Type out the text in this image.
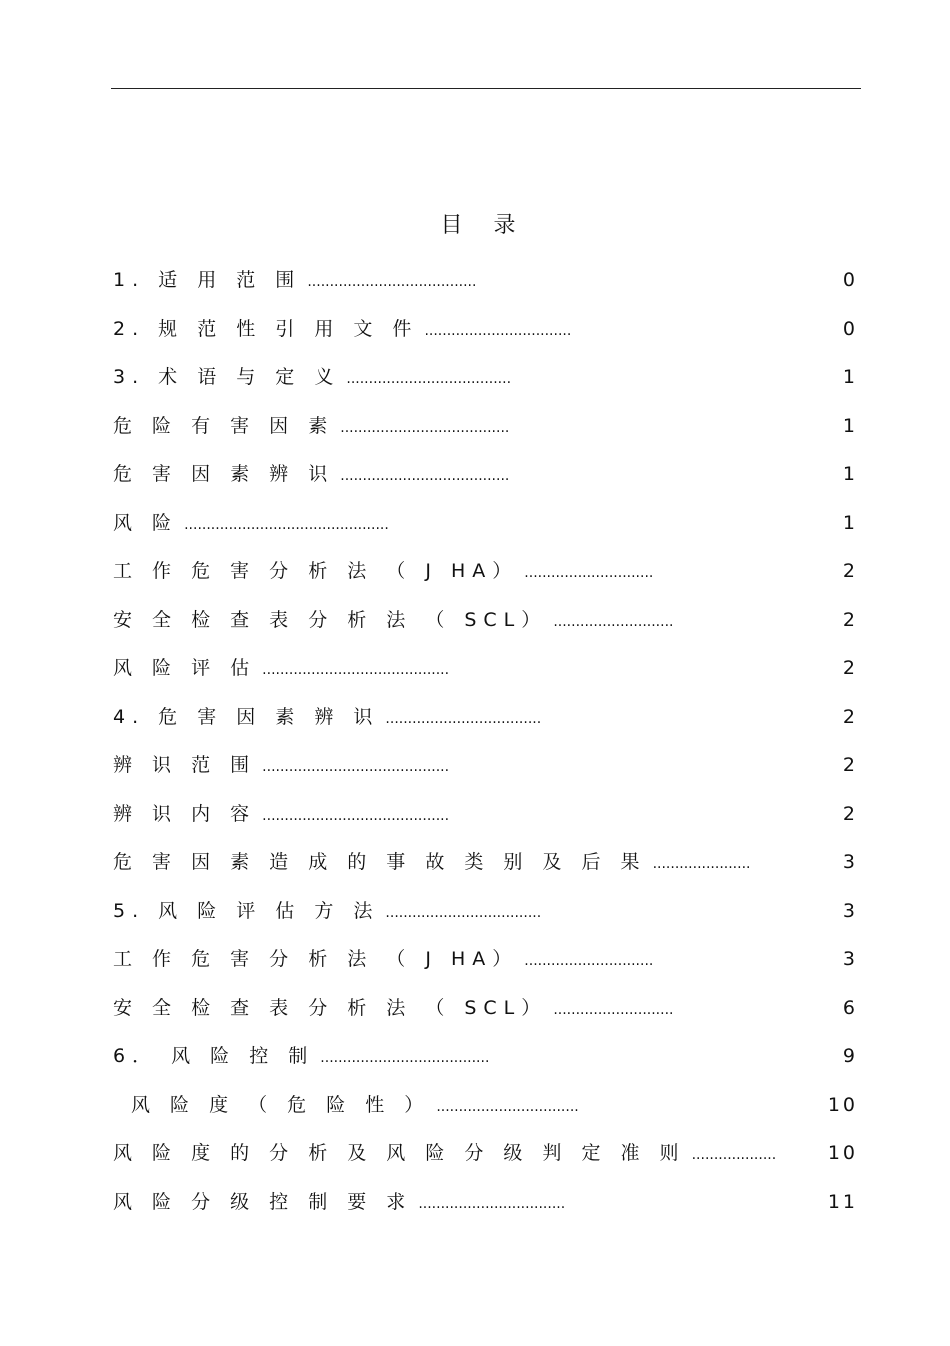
目 录
1. 适 用 范 围 ......................................	0
2. 规 范 性 引 用 文 件 .................................	0
3. 术 语 与 定 义 .....................................	1
危 险 有 害 因 素 ......................................	1
危 害 因 素 辨 识 ......................................	1
风 险 ..............................................	1
工 作 危 害 分 析 法 （ J HA） .............................	2
安 全 检 查 表 分 析 法 （ SCL） ...........................	2
风 险 评 估 ..........................................	2
4. 危 害 因 素 辨 识 ...................................	2
辨 识 范 围 ..........................................	2
辨 识 内 容 ..........................................	2
危 害 因 素 造 成 的 事 故 类 别 及 后 果 ......................	3
5. 风 险 评 估 方 法 ...................................	3
工 作 危 害 分 析 法 （ J HA） .............................	3
安 全 检 查 表 分 析 法 （ SCL） ...........................	6
6． 风 险 控 制 ......................................	9
风 险 度 （ 危 险 性 ） ................................	10
风 险 度 的 分 析 及 风 险 分 级 判 定 准 则 ...................	10
风 险 分 级 控 制 要 求 .................................	11
